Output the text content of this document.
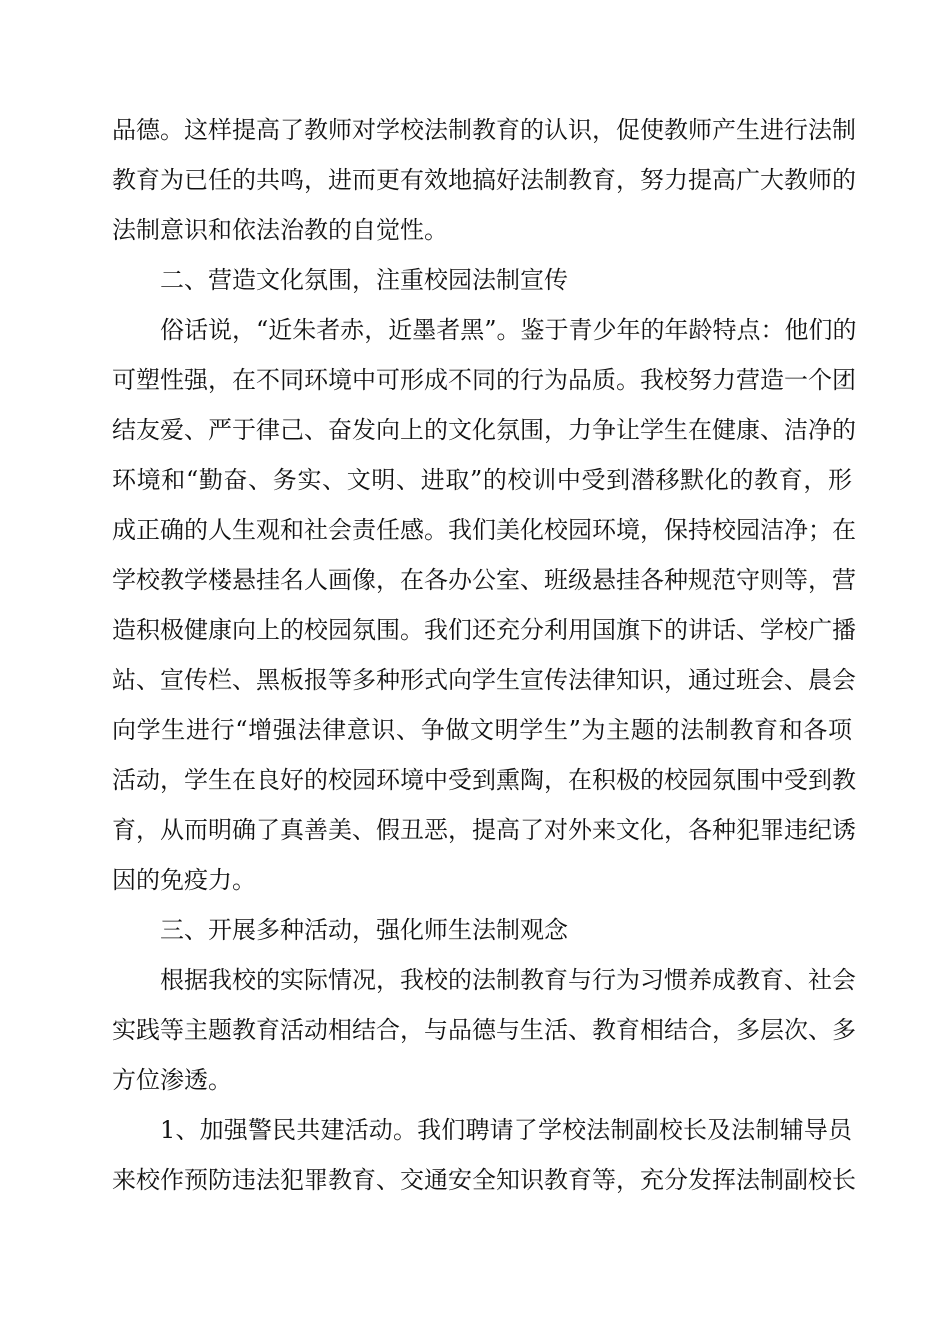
品德。这样提高了教师对学校法制教育的认识，促使教师产生进行法制
教育为已任的共鸣，进而更有效地搞好法制教育，努力提高广大教师的
法制意识和依法治教的自觉性。
二、营造文化氛围，注重校园法制宣传
俗话说，“近朱者赤，近墨者黑”。鉴于青少年的年龄特点：他们的
可塑性强，在不同环境中可形成不同的行为品质。我校努力营造一个团
结友爱、严于律己、奋发向上的文化氛围，力争让学生在健康、洁净的
环境和“勤奋、务实、文明、进取”的校训中受到潜移默化的教育，形
成正确的人生观和社会责任感。我们美化校园环境，保持校园洁净；在
学校教学楼悬挂名人画像，在各办公室、班级悬挂各种规范守则等，营
造积极健康向上的校园氛围。我们还充分利用国旗下的讲话、学校广播
站、宣传栏、黑板报等多种形式向学生宣传法律知识，通过班会、晨会
向学生进行“增强法律意识、争做文明学生”为主题的法制教育和各项
活动，学生在良好的校园环境中受到熏陶，在积极的校园氛围中受到教
育，从而明确了真善美、假丑恶，提高了对外来文化，各种犯罪违纪诱
因的免疫力。
三、开展多种活动，强化师生法制观念
根据我校的实际情况，我校的法制教育与行为习惯养成教育、社会
实践等主题教育活动相结合，与品德与生活、教育相结合，多层次、多
方位渗透。
1、加强警民共建活动。我们聘请了学校法制副校长及法制辅导员
来校作预防违法犯罪教育、交通安全知识教育等，充分发挥法制副校长
